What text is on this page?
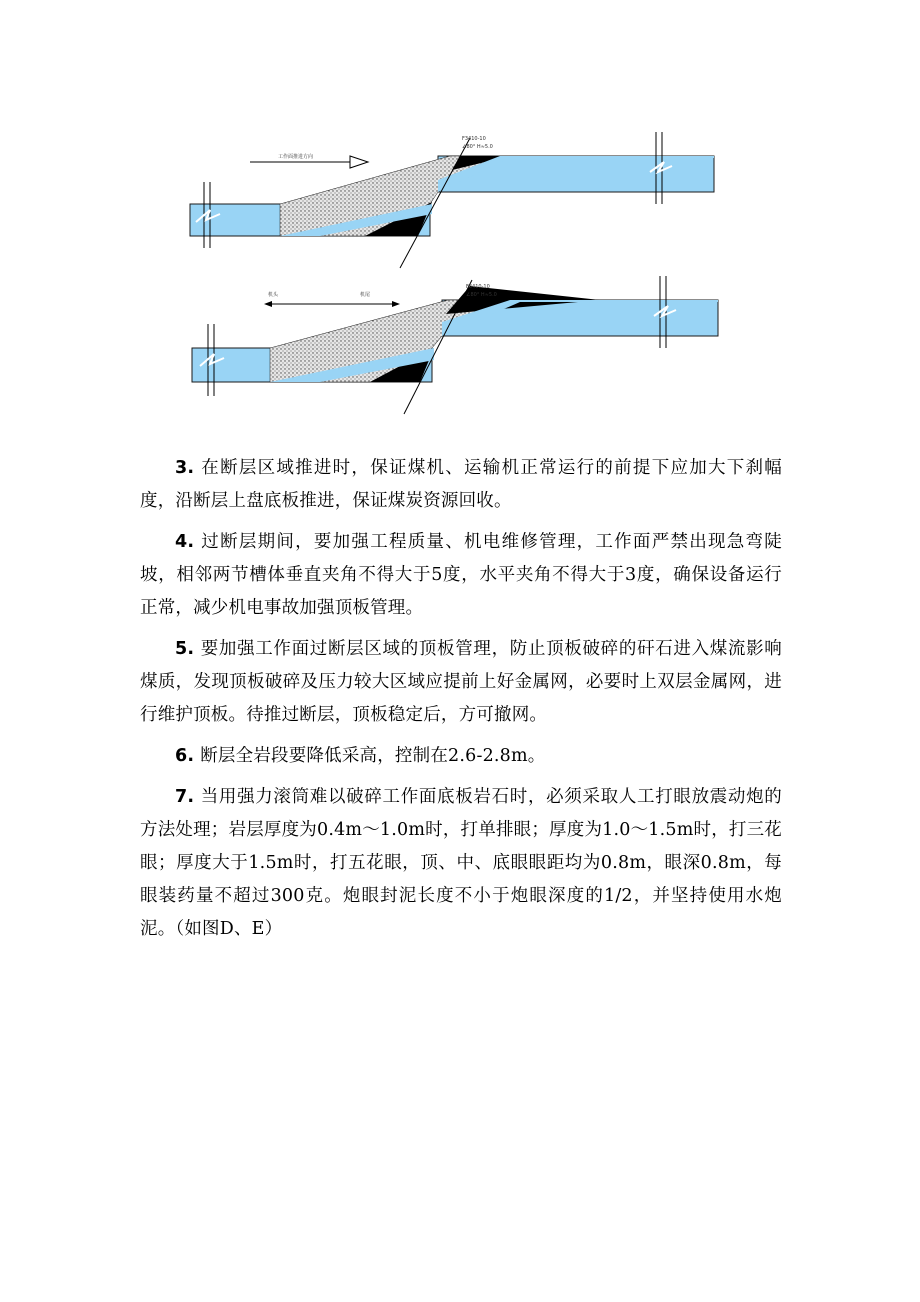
工作面推进方向
F3410-10
∠80° H≈5.0
机头	机尾
F3410-10
∠80° H≈5.0

3. 在断层区域推进时，保证煤机、运输机正常运行的前提下应加大下刹幅度，沿断层上盘底板推进，保证煤炭资源回收。

4. 过断层期间，要加强工程质量、机电维修管理，工作面严禁出现急弯陡坡，相邻两节槽体垂直夹角不得大于5度，水平夹角不得大于3度，确保设备运行正常，减少机电事故加强顶板管理。

5. 要加强工作面过断层区域的顶板管理，防止顶板破碎的矸石进入煤流影响煤质，发现顶板破碎及压力较大区域应提前上好金属网，必要时上双层金属网，进行维护顶板。待推过断层，顶板稳定后，方可撤网。

6. 断层全岩段要降低采高，控制在2.6-2.8m。

7. 当用强力滚筒难以破碎工作面底板岩石时，必须采取人工打眼放震动炮的方法处理；岩层厚度为0.4m～1.0m时，打单排眼；厚度为1.0～1.5m时，打三花眼；厚度大于1.5m时，打五花眼，顶、中、底眼眼距均为0.8m，眼深0.8m，每眼装药量不超过300克。炮眼封泥长度不小于炮眼深度的1/2，并坚持使用水炮泥。（如图D、E）
